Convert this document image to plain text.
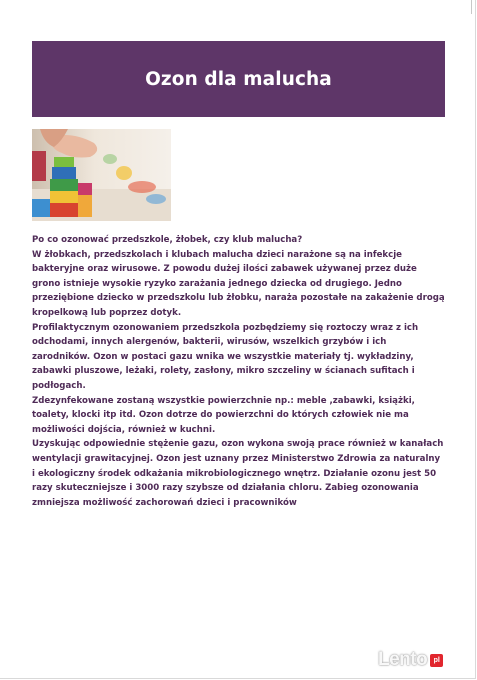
Ozon dla malucha

Po co ozonować przedszkole, żłobek, czy klub malucha?

W żłobkach, przedszkolach i klubach malucha dzieci narażone są na infekcje bakteryjne oraz wirusowe. Z powodu dużej ilości zabawek używanej przez duże grono istnieje wysokie ryzyko zarażania jednego dziecka od drugiego. Jedno przeziębione dziecko w przedszkolu lub żłobku, naraża pozostałe na zakażenie drogą kropelkową lub poprzez dotyk.

Profilaktycznym ozonowaniem przedszkola pozbędziemy się roztoczy wraz z ich odchodami, innych alergenów, bakterii, wirusów, wszelkich grzybów i ich zarodników. Ozon w postaci gazu wnika we wszystkie materiały tj. wykładziny, zabawki pluszowe, leżaki, rolety, zasłony, mikro szczeliny w ścianach sufitach i podłogach.

Zdezynfekowane zostaną wszystkie powierzchnie np.: meble ,zabawki, książki, toalety, klocki itp itd. Ozon dotrze do powierzchni do których człowiek nie ma możliwości dojścia, również w kuchni.

Uzyskując odpowiednie stężenie gazu, ozon wykona swoją prace również w kanałach wentylacji grawitacyjnej. Ozon jest uznany przez Ministerstwo Zdrowia za naturalny i ekologiczny środek odkażania mikrobiologicznego wnętrz. Działanie ozonu jest 50 razy skuteczniejsze i 3000 razy szybsze od działania chloru. Zabieg ozonowania zmniejsza możliwość zachorowań dzieci i pracowników

Lento pl
